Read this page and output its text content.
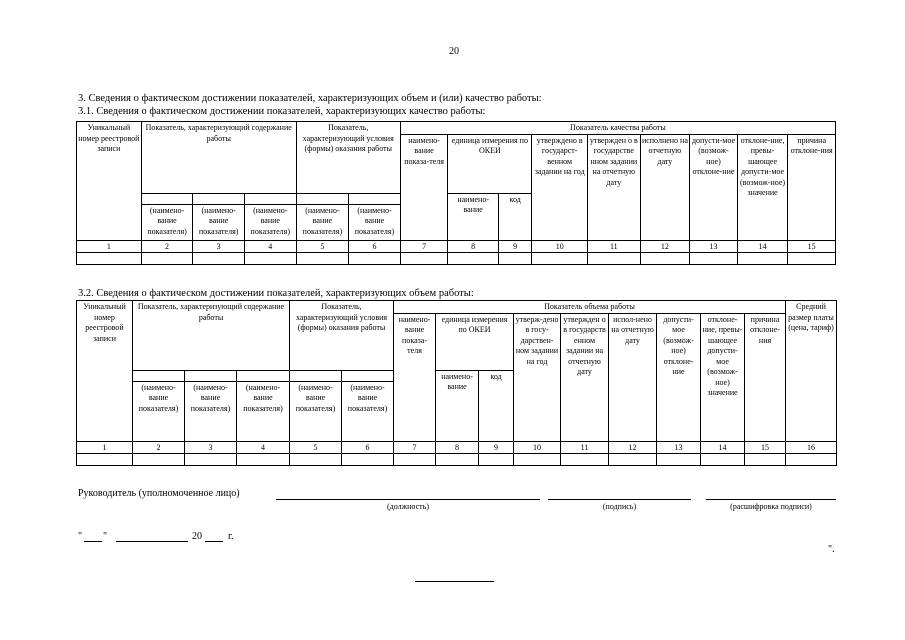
20
3. Сведения о фактическом достижении показателей, характеризующих объем и (или) качество работы:
3.1. Сведения о фактическом достижении показателей, характеризующих качество работы:
Уникальный номер реестровой записи	Показатель, характеризующий содержание работы			Показатель, характеризующий условия (формы) оказания работы		Показатель качества работы								
						наимено-вание показа-теля	единица измерения по ОКЕИ		утверждено в государст-венном задании на год	утвержден о в государстве нном задании на отчетную дату	исполнено на отчетную дату	допусти-мое (возмож-ное) отклоне-ние	отклоне-ние, превы-шающее допусти-мое (возмож-ное) значение	причина отклоне-ния
							наимено-вание	код						
	(наимено-вание показателя)	(наимено-вание показателя)	(наимено-вание показателя)	(наимено-вание показателя)	(наимено-вание показателя)									
1	2	3	4	5	6	7	8	9	10	11	12	13	14	15

3.2. Сведения о фактическом достижении показателей, характеризующих объем работы:
Уникальный номер реестровой записи	Показатель, характеризующий содержание работы			Показатель, характеризующий условия (формы) оказания работы		Показатель объема работы									Средний размер платы (цена, тариф)
						наимено-вание показа-теля	единица измерения по ОКЕИ		утверж-дено в госу-дарствен-ном задании на год	утвержден о в государств енном задании на отчетную дату	испол-нено на отчетную дату	допусти-мое (возмож-ное) отклоне-ние	отклоне-ние, превы-шающее допусти-мое (возмож-ное) значение	причина отклоне-ния	
							наимено-вание	код							
	(наимено-вание показателя)	(наимено-вание показателя)	(наимено-вание показателя)	(наимено-вание показателя)	(наимено-вание показателя)										
1	2	3	4	5	6	7	8	9	10	11	12	13	14	15	16

Руководитель (уполномоченное лицо)
(должность)	(подпись)	(расшифровка подписи)
" "	20	г.
".
